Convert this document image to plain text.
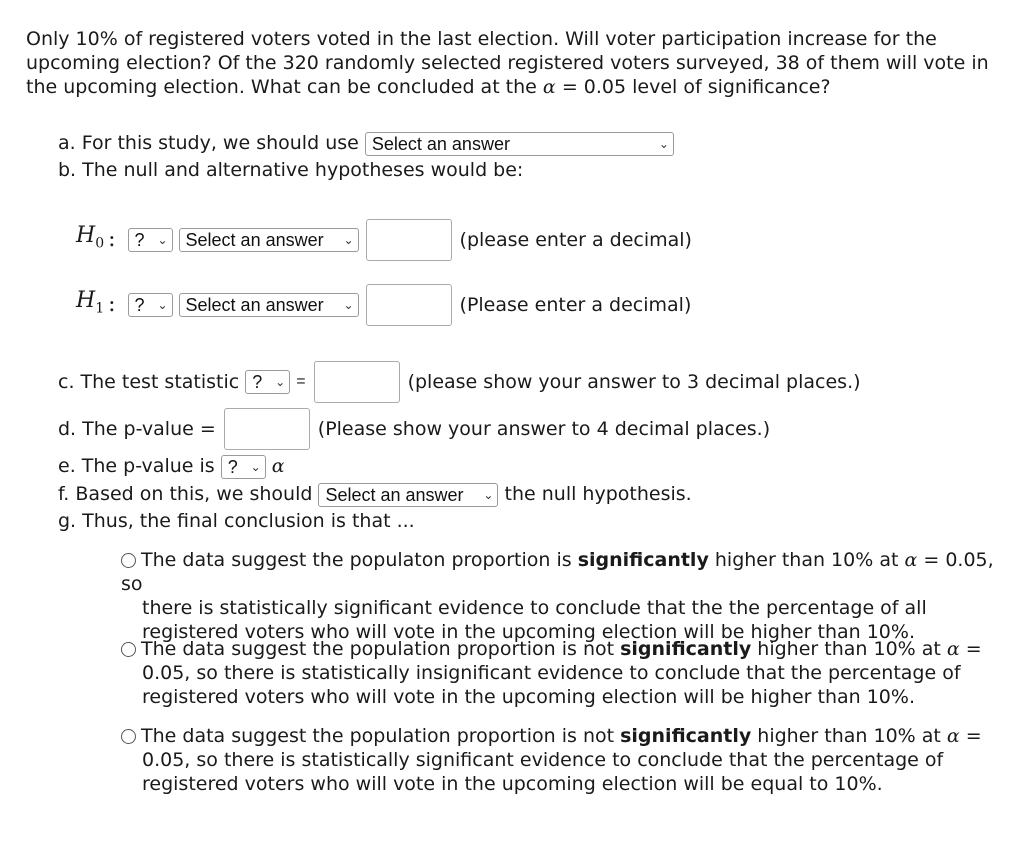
Only 10% of registered voters voted in the last election. Will voter participation increase for the
upcoming election? Of the 320 randomly selected registered voters surveyed, 38 of them will vote in
the upcoming election. What can be concluded at the α = 0.05 level of significance?
a. For this study, we should use Select an answer	⌄
b. The null and alternative hypotheses would be:
$H_0$ : ? ⌄ Select an answer ⌄	(please enter a decimal)
$H_1$ : ? ⌄ Select an answer ⌄	(Please enter a decimal)
c. The test statistic ? ⌄ =	(please show your answer to 3 decimal places.)
d. The p-value =	(Please show your answer to 4 decimal places.)
e. The p-value is ? ⌄ α
f. Based on this, we should Select an answer ⌄ the null hypothesis.
g. Thus, the final conclusion is that ...
The data suggest the populaton proportion is significantly higher than 10% at α = 0.05, so
there is statistically significant evidence to conclude that the the percentage of all
registered voters who will vote in the upcoming election will be higher than 10%.
The data suggest the population proportion is not significantly higher than 10% at α =
0.05, so there is statistically insignificant evidence to conclude that the percentage of
registered voters who will vote in the upcoming election will be higher than 10%.
The data suggest the population proportion is not significantly higher than 10% at α =
0.05, so there is statistically significant evidence to conclude that the percentage of
registered voters who will vote in the upcoming election will be equal to 10%.
